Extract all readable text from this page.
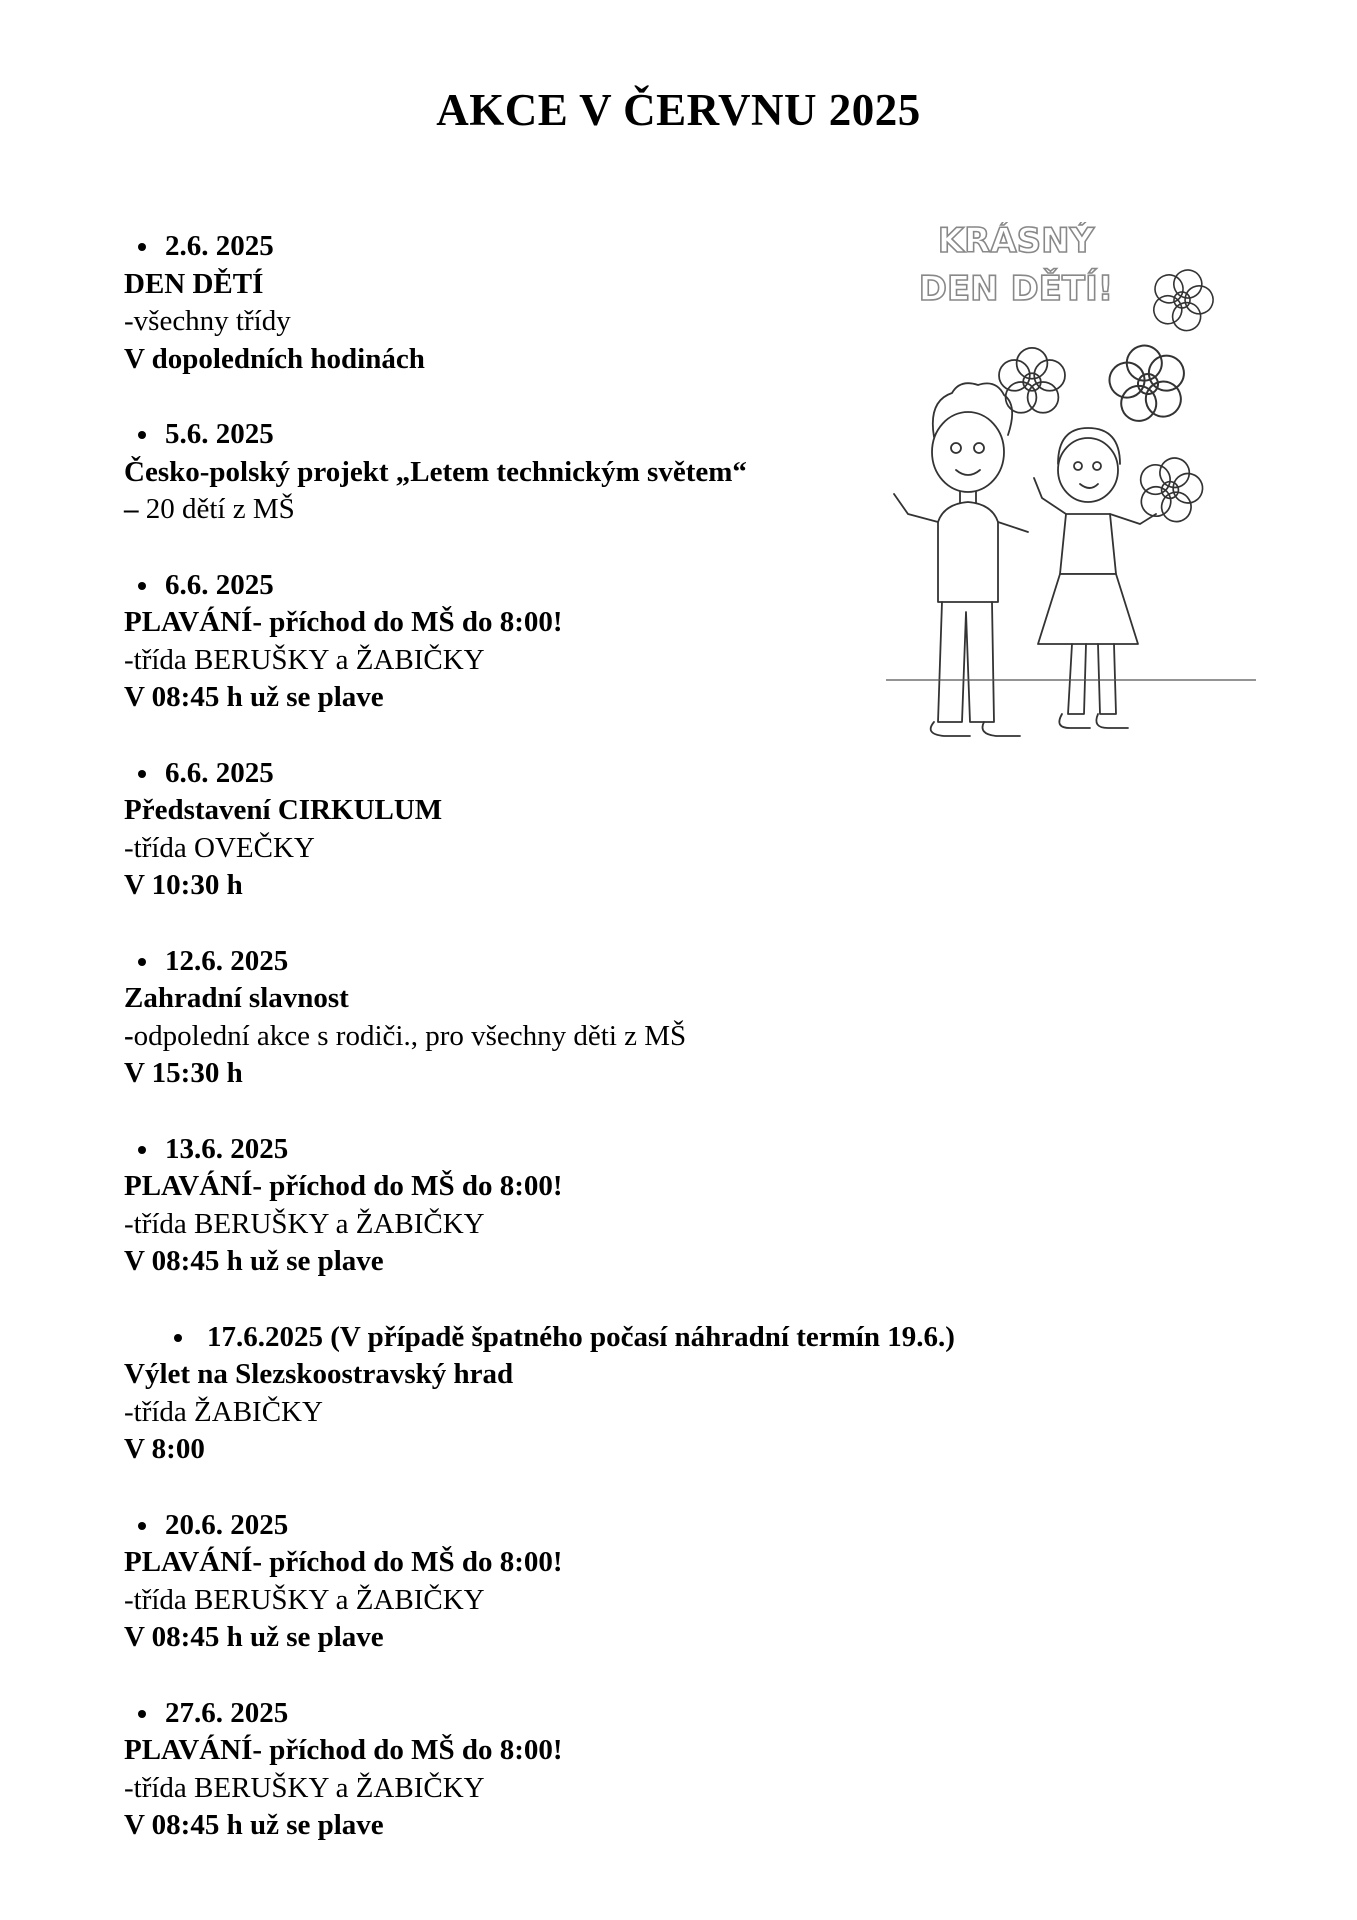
AKCE V ČERVNU 2025
2.6. 2025
DEN DĚTÍ
-všechny třídy
V dopoledních hodinách
5.6. 2025
Česko-polský projekt „Letem technickým světem“
– 20 dětí z MŠ
6.6. 2025
PLAVÁNÍ- příchod do MŠ do 8:00!
-třída BERUŠKY a ŽABIČKY
V 08:45 h už se plave
6.6. 2025
Představení CIRKULUM
-třída OVEČKY
V 10:30 h
12.6. 2025
Zahradní slavnost
-odpolední akce s rodiči., pro všechny děti z MŠ
V 15:30 h
13.6. 2025
PLAVÁNÍ- příchod do MŠ do 8:00!
-třída BERUŠKY a ŽABIČKY
V 08:45 h už se plave
17.6.2025 (V případě špatného počasí náhradní termín 19.6.)
Výlet na Slezskoostravský hrad
-třída ŽABIČKY
V 8:00
20.6. 2025
PLAVÁNÍ- příchod do MŠ do 8:00!
-třída BERUŠKY a ŽABIČKY
V 08:45 h už se plave
27.6. 2025
PLAVÁNÍ- příchod do MŠ do 8:00!
-třída BERUŠKY a ŽABIČKY
V 08:45 h už se plave
KRÁSNÝ
DEN DĚTÍ!
